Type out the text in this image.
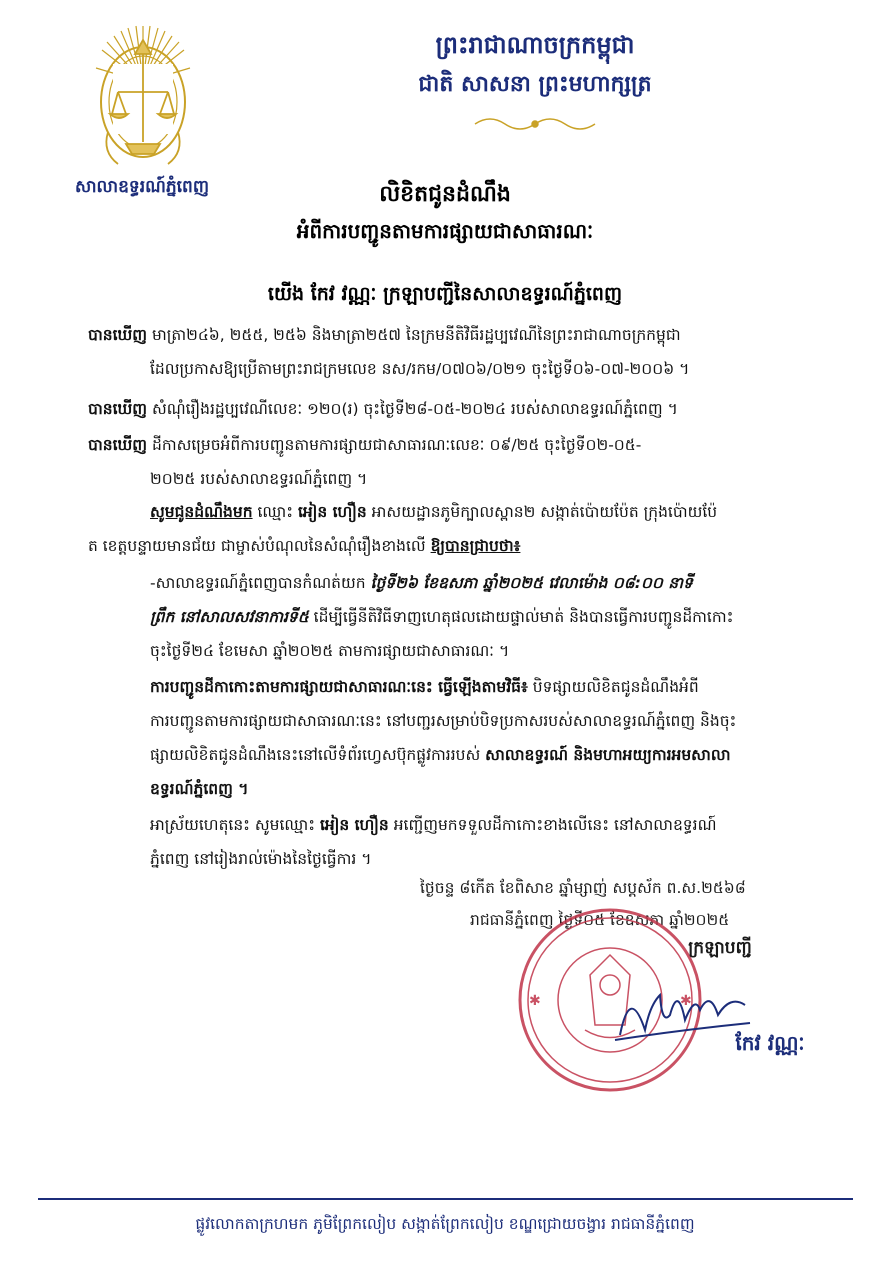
សាលាឧទ្ធរណ៍ភ្នំពេញ
ព្រះរាជាណាចក្រកម្ពុជា
ជាតិ សាសនា ព្រះមហាក្សត្រ
លិខិតជូនដំណឹង
អំពីការបញ្ជូនតាមការផ្សាយជាសាធារណៈ
យើង កែវ វណ្ណៈ ក្រឡាបញ្ជីនៃសាលាឧទ្ធរណ៍ភ្នំពេញ
បានឃើញ មាត្រា២៤៦, ២៥៥, ២៥៦ និងមាត្រា២៥៧ នៃក្រមនីតិវិធីរដ្ឋប្បវេណីនៃព្រះរាជាណាចក្រកម្ពុជា
ដែលប្រកាសឱ្យប្រើតាមព្រះរាជក្រមលេខ នស/រកម/០៧០៦/០២១ ចុះថ្ងៃទី០៦-០៧-២០០៦ ។
បានឃើញ សំណុំរឿងរដ្ឋប្បវេណីលេខៈ ១២០(រ) ចុះថ្ងៃទី២៨-០៥-២០២៤ របស់សាលាឧទ្ធរណ៍ភ្នំពេញ ។
បានឃើញ ដីកាសម្រេចអំពីការបញ្ជូនតាមការផ្សាយជាសាធារណៈលេខៈ ០៩/២៥ ចុះថ្ងៃទី០២-០៥-
២០២៥ របស់សាលាឧទ្ធរណ៍ភ្នំពេញ ។
សូមជូនដំណឹងមក ឈ្មោះ អៀន ហឿន អាសយដ្ឋានភូមិក្បាលស្ពាន២ សង្កាត់ប៉ោយប៉ែត ក្រុងប៉ោយប៉ែ
ត ខេត្តបន្ទាយមានជ័យ ជាម្ចាស់បំណុលនៃសំណុំរឿងខាងលើ ឱ្យបានជ្រាបថា៖
-សាលាឧទ្ធរណ៍ភ្នំពេញបានកំណត់យក ថ្ងៃទី២៦ ខែឧសភា ឆ្នាំ២០២៥ វេលាម៉ោង ០៨:០០ នាទី
ព្រឹក នៅសាលសវនាការទី៥ ដើម្បីធ្វើនីតិវិធីទាញហេតុផលដោយផ្ទាល់មាត់ និងបានធ្វើការបញ្ជូនដីកាកោះ
ចុះថ្ងៃទី២៤ ខែមេសា ឆ្នាំ២០២៥ តាមការផ្សាយជាសាធារណៈ ។
ការបញ្ជូនដីកាកោះតាមការផ្សាយជាសាធារណៈនេះ ធ្វើឡើងតាមវិធី៖ បិទផ្សាយលិខិតជូនដំណឹងអំពី
ការបញ្ជូនតាមការផ្សាយជាសាធារណៈនេះ នៅបញ្ជរសម្រាប់បិទប្រកាសរបស់សាលាឧទ្ធរណ៍ភ្នំពេញ និងចុះ
ផ្សាយលិខិតជូនដំណឹងនេះនៅលើទំព័រហ្វេសប៊ុកផ្លូវការរបស់ សាលាឧទ្ធរណ៍ និងមហាអយ្យការអមសាលា
ឧទ្ធរណ៍ភ្នំពេញ ។
អាស្រ័យហេតុនេះ សូមឈ្មោះ អៀន ហឿន អញ្ជើញមកទទួលដីកាកោះខាងលើនេះ នៅសាលាឧទ្ធរណ៍
ភ្នំពេញ នៅរៀងរាល់ម៉ោងនៃថ្ងៃធ្វើការ ។
ថ្ងៃចន្ទ ៨កើត ខែពិសាខ ឆ្នាំម្សាញ់ សប្តស័ក ព.ស.២៥៦៨
រាជធានីភ្នំពេញ ថ្ងៃទី០៥ ខែឧសភា ឆ្នាំ២០២៥
✱	✱
ក្រឡាបញ្ជី
កែវ វណ្ណៈ
ផ្លូវលោកតាក្រហមក ភូមិព្រែកលៀប សង្កាត់ព្រែកលៀប ខណ្ឌជ្រោយចង្វារ រាជធានីភ្នំពេញ
